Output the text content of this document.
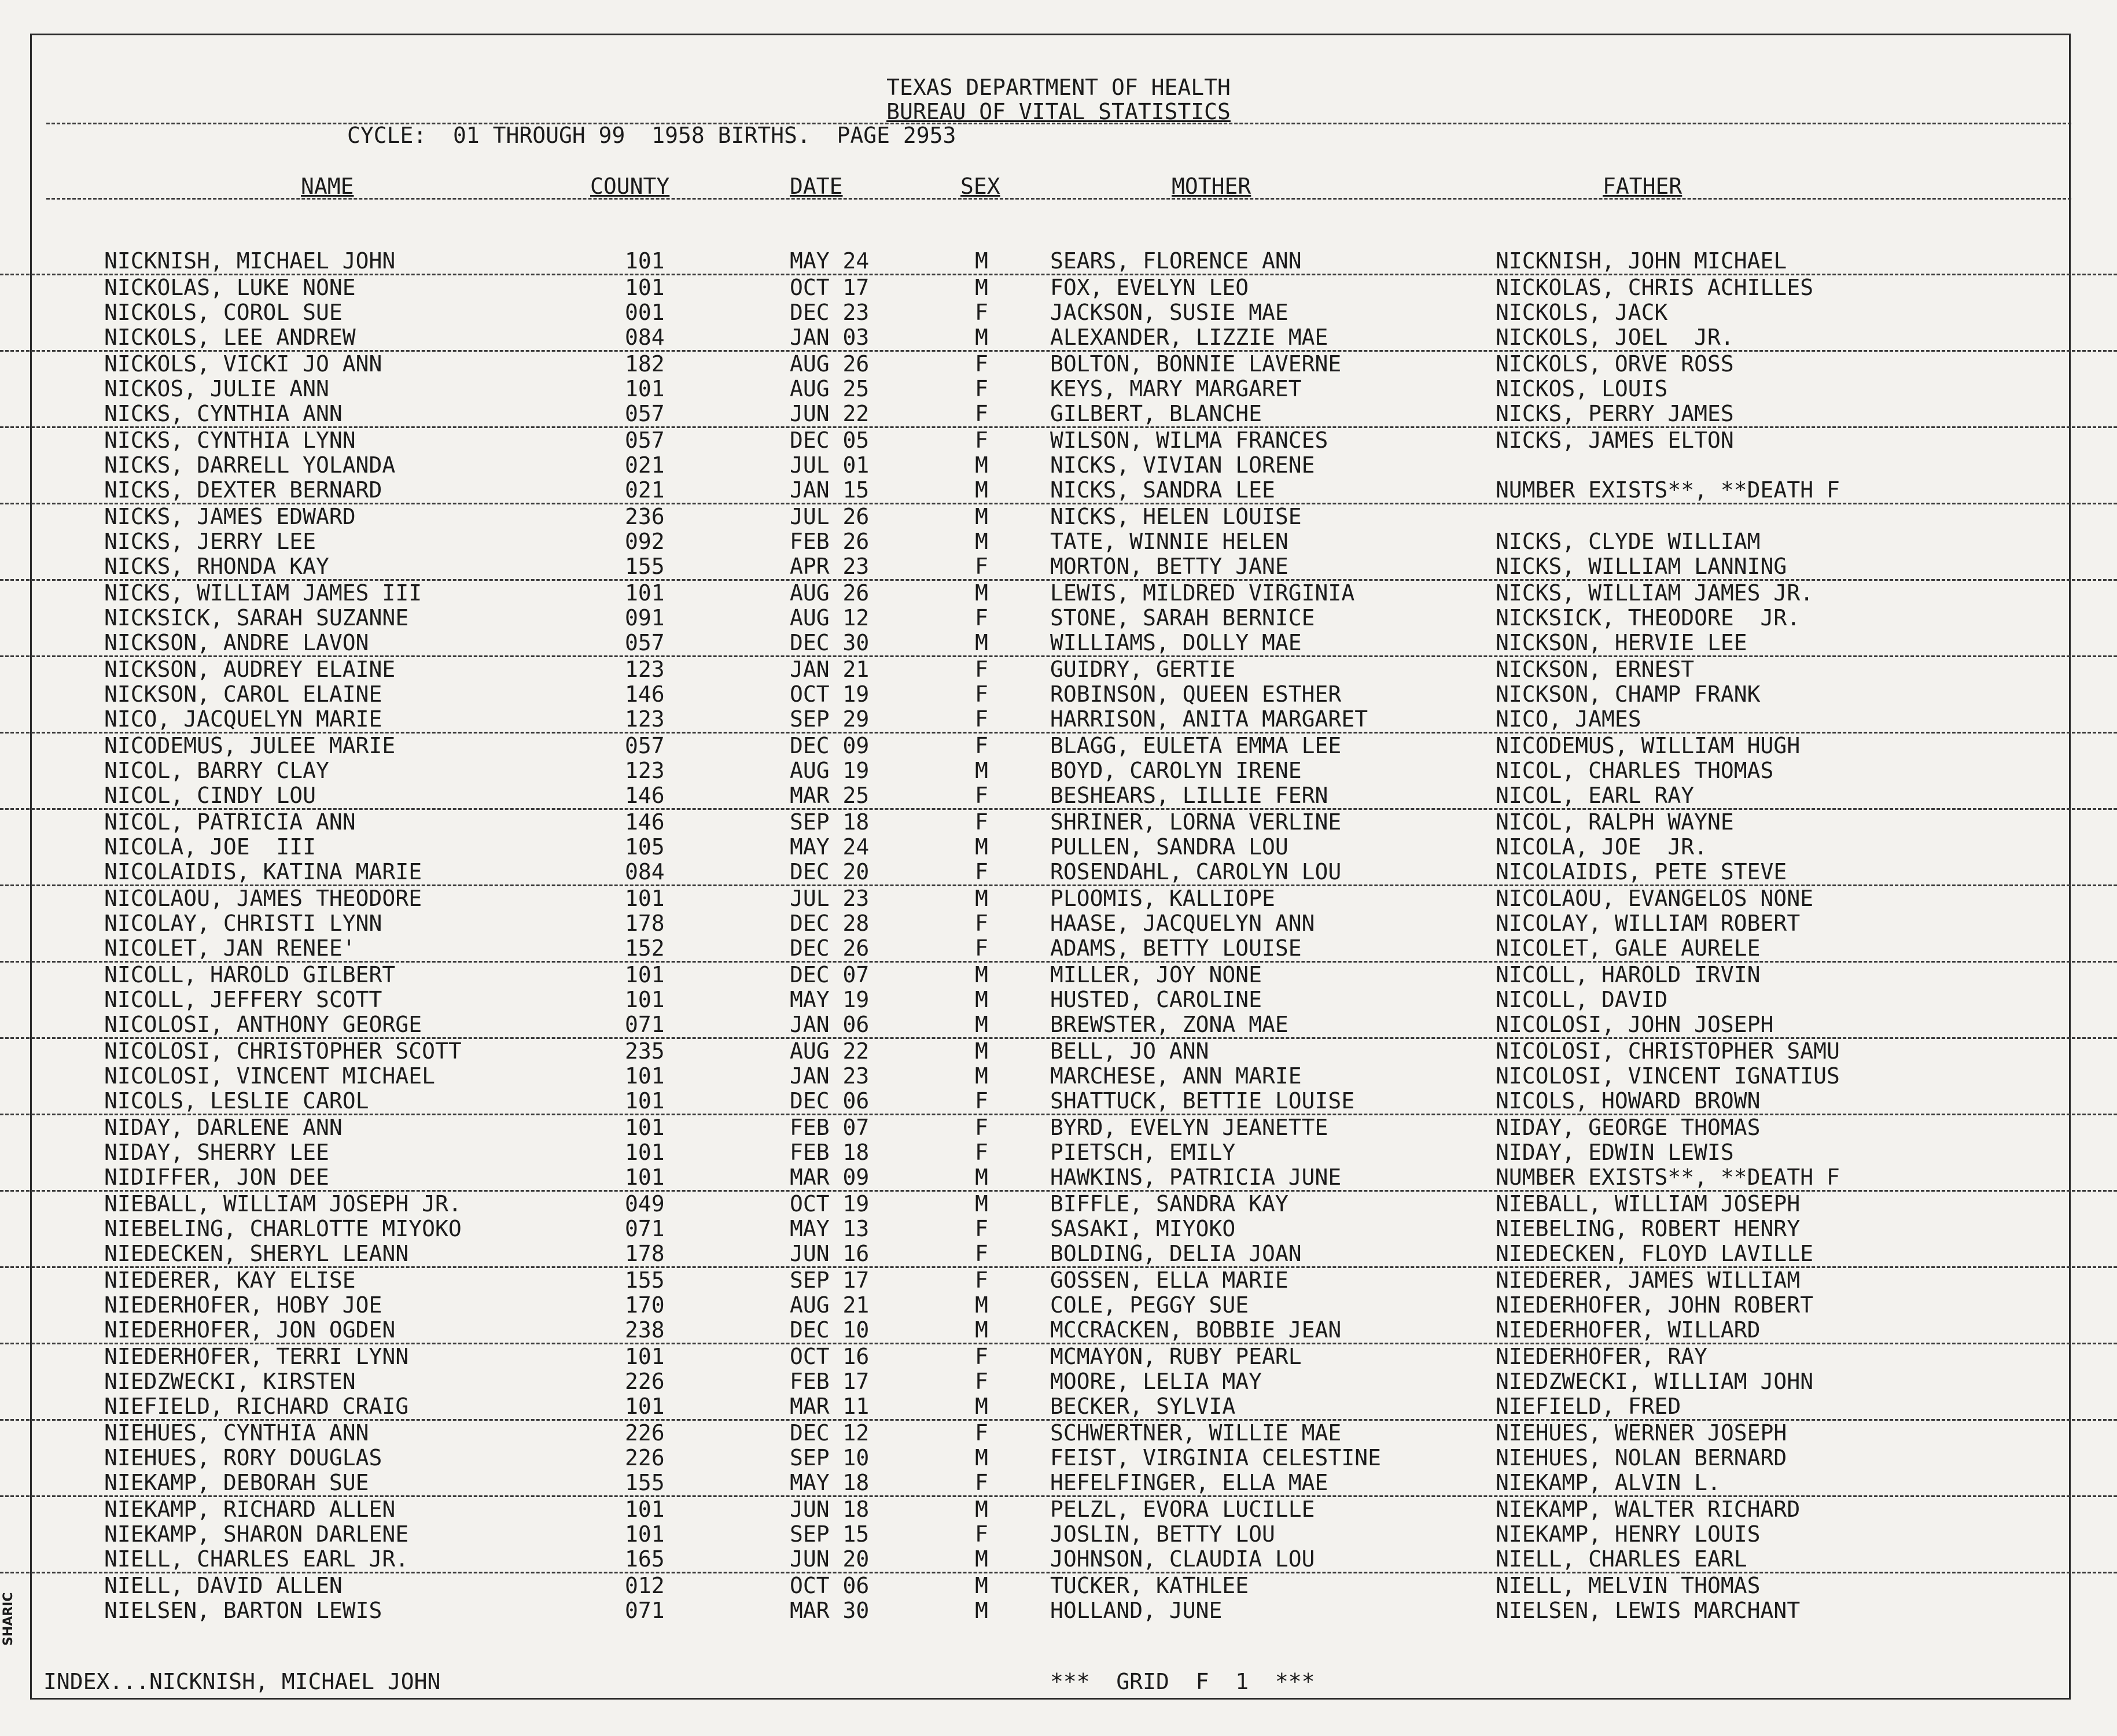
SHARIC
TEXAS DEPARTMENT OF HEALTH
BUREAU OF VITAL STATISTICS
CYCLE:  01 THROUGH 99  1958 BIRTHS.  PAGE 2953
NAME	COUNTY	DATE	SEX	MOTHER	FATHER
NICKNISH, MICHAEL JOHN	101	MAY 24	M	SEARS, FLORENCE ANN	NICKNISH, JOHN MICHAEL
NICKOLAS, LUKE NONE	101	OCT 17	M	FOX, EVELYN LEO	NICKOLAS, CHRIS ACHILLES
NICKOLS, COROL SUE	001	DEC 23	F	JACKSON, SUSIE MAE	NICKOLS, JACK
NICKOLS, LEE ANDREW	084	JAN 03	M	ALEXANDER, LIZZIE MAE	NICKOLS, JOEL  JR.
NICKOLS, VICKI JO ANN	182	AUG 26	F	BOLTON, BONNIE LAVERNE	NICKOLS, ORVE ROSS
NICKOS, JULIE ANN	101	AUG 25	F	KEYS, MARY MARGARET	NICKOS, LOUIS
NICKS, CYNTHIA ANN	057	JUN 22	F	GILBERT, BLANCHE	NICKS, PERRY JAMES
NICKS, CYNTHIA LYNN	057	DEC 05	F	WILSON, WILMA FRANCES	NICKS, JAMES ELTON
NICKS, DARRELL YOLANDA	021	JUL 01	M	NICKS, VIVIAN LORENE
NICKS, DEXTER BERNARD	021	JAN 15	M	NICKS, SANDRA LEE	NUMBER EXISTS**, **DEATH F
NICKS, JAMES EDWARD	236	JUL 26	M	NICKS, HELEN LOUISE
NICKS, JERRY LEE	092	FEB 26	M	TATE, WINNIE HELEN	NICKS, CLYDE WILLIAM
NICKS, RHONDA KAY	155	APR 23	F	MORTON, BETTY JANE	NICKS, WILLIAM LANNING
NICKS, WILLIAM JAMES III	101	AUG 26	M	LEWIS, MILDRED VIRGINIA	NICKS, WILLIAM JAMES JR.
NICKSICK, SARAH SUZANNE	091	AUG 12	F	STONE, SARAH BERNICE	NICKSICK, THEODORE  JR.
NICKSON, ANDRE LAVON	057	DEC 30	M	WILLIAMS, DOLLY MAE	NICKSON, HERVIE LEE
NICKSON, AUDREY ELAINE	123	JAN 21	F	GUIDRY, GERTIE	NICKSON, ERNEST
NICKSON, CAROL ELAINE	146	OCT 19	F	ROBINSON, QUEEN ESTHER	NICKSON, CHAMP FRANK
NICO, JACQUELYN MARIE	123	SEP 29	F	HARRISON, ANITA MARGARET	NICO, JAMES
NICODEMUS, JULEE MARIE	057	DEC 09	F	BLAGG, EULETA EMMA LEE	NICODEMUS, WILLIAM HUGH
NICOL, BARRY CLAY	123	AUG 19	M	BOYD, CAROLYN IRENE	NICOL, CHARLES THOMAS
NICOL, CINDY LOU	146	MAR 25	F	BESHEARS, LILLIE FERN	NICOL, EARL RAY
NICOL, PATRICIA ANN	146	SEP 18	F	SHRINER, LORNA VERLINE	NICOL, RALPH WAYNE
NICOLA, JOE  III	105	MAY 24	M	PULLEN, SANDRA LOU	NICOLA, JOE  JR.
NICOLAIDIS, KATINA MARIE	084	DEC 20	F	ROSENDAHL, CAROLYN LOU	NICOLAIDIS, PETE STEVE
NICOLAOU, JAMES THEODORE	101	JUL 23	M	PLOOMIS, KALLIOPE	NICOLAOU, EVANGELOS NONE
NICOLAY, CHRISTI LYNN	178	DEC 28	F	HAASE, JACQUELYN ANN	NICOLAY, WILLIAM ROBERT
NICOLET, JAN RENEE'	152	DEC 26	F	ADAMS, BETTY LOUISE	NICOLET, GALE AURELE
NICOLL, HAROLD GILBERT	101	DEC 07	M	MILLER, JOY NONE	NICOLL, HAROLD IRVIN
NICOLL, JEFFERY SCOTT	101	MAY 19	M	HUSTED, CAROLINE	NICOLL, DAVID
NICOLOSI, ANTHONY GEORGE	071	JAN 06	M	BREWSTER, ZONA MAE	NICOLOSI, JOHN JOSEPH
NICOLOSI, CHRISTOPHER SCOTT	235	AUG 22	M	BELL, JO ANN	NICOLOSI, CHRISTOPHER SAMU
NICOLOSI, VINCENT MICHAEL	101	JAN 23	M	MARCHESE, ANN MARIE	NICOLOSI, VINCENT IGNATIUS
NICOLS, LESLIE CAROL	101	DEC 06	F	SHATTUCK, BETTIE LOUISE	NICOLS, HOWARD BROWN
NIDAY, DARLENE ANN	101	FEB 07	F	BYRD, EVELYN JEANETTE	NIDAY, GEORGE THOMAS
NIDAY, SHERRY LEE	101	FEB 18	F	PIETSCH, EMILY	NIDAY, EDWIN LEWIS
NIDIFFER, JON DEE	101	MAR 09	M	HAWKINS, PATRICIA JUNE	NUMBER EXISTS**, **DEATH F
NIEBALL, WILLIAM JOSEPH JR.	049	OCT 19	M	BIFFLE, SANDRA KAY	NIEBALL, WILLIAM JOSEPH
NIEBELING, CHARLOTTE MIYOKO	071	MAY 13	F	SASAKI, MIYOKO	NIEBELING, ROBERT HENRY
NIEDECKEN, SHERYL LEANN	178	JUN 16	F	BOLDING, DELIA JOAN	NIEDECKEN, FLOYD LAVILLE
NIEDERER, KAY ELISE	155	SEP 17	F	GOSSEN, ELLA MARIE	NIEDERER, JAMES WILLIAM
NIEDERHOFER, HOBY JOE	170	AUG 21	M	COLE, PEGGY SUE	NIEDERHOFER, JOHN ROBERT
NIEDERHOFER, JON OGDEN	238	DEC 10	M	MCCRACKEN, BOBBIE JEAN	NIEDERHOFER, WILLARD
NIEDERHOFER, TERRI LYNN	101	OCT 16	F	MCMAYON, RUBY PEARL	NIEDERHOFER, RAY
NIEDZWECKI, KIRSTEN	226	FEB 17	F	MOORE, LELIA MAY	NIEDZWECKI, WILLIAM JOHN
NIEFIELD, RICHARD CRAIG	101	MAR 11	M	BECKER, SYLVIA	NIEFIELD, FRED
NIEHUES, CYNTHIA ANN	226	DEC 12	F	SCHWERTNER, WILLIE MAE	NIEHUES, WERNER JOSEPH
NIEHUES, RORY DOUGLAS	226	SEP 10	M	FEIST, VIRGINIA CELESTINE	NIEHUES, NOLAN BERNARD
NIEKAMP, DEBORAH SUE	155	MAY 18	F	HEFELFINGER, ELLA MAE	NIEKAMP, ALVIN L.
NIEKAMP, RICHARD ALLEN	101	JUN 18	M	PELZL, EVORA LUCILLE	NIEKAMP, WALTER RICHARD
NIEKAMP, SHARON DARLENE	101	SEP 15	F	JOSLIN, BETTY LOU	NIEKAMP, HENRY LOUIS
NIELL, CHARLES EARL JR.	165	JUN 20	M	JOHNSON, CLAUDIA LOU	NIELL, CHARLES EARL
NIELL, DAVID ALLEN	012	OCT 06	M	TUCKER, KATHLEE	NIELL, MELVIN THOMAS
NIELSEN, BARTON LEWIS	071	MAR 30	M	HOLLAND, JUNE	NIELSEN, LEWIS MARCHANT
INDEX...NICKNISH, MICHAEL JOHN	***  GRID  F  1  ***
